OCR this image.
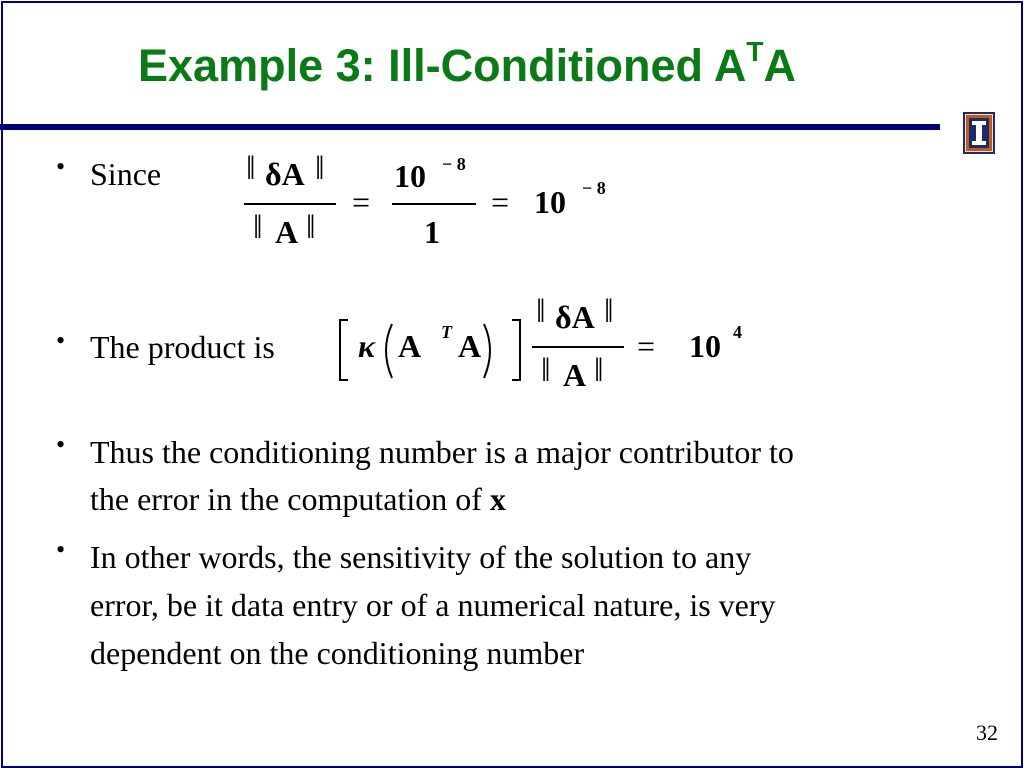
Example 3: Ill-Conditioned $A^TA$
• Since ‖ δA ‖
‖ A ‖
=
10 − 8
1
= 10 − 8
• The product is	κ A T A
‖ δA ‖
‖ A ‖
= 10 4
• Thus the conditioning number is a major contributor to
the error in the computation of x
• In other words, the sensitivity of the solution to any
error, be it data entry or of a numerical nature, is very
dependent on the conditioning number
32
